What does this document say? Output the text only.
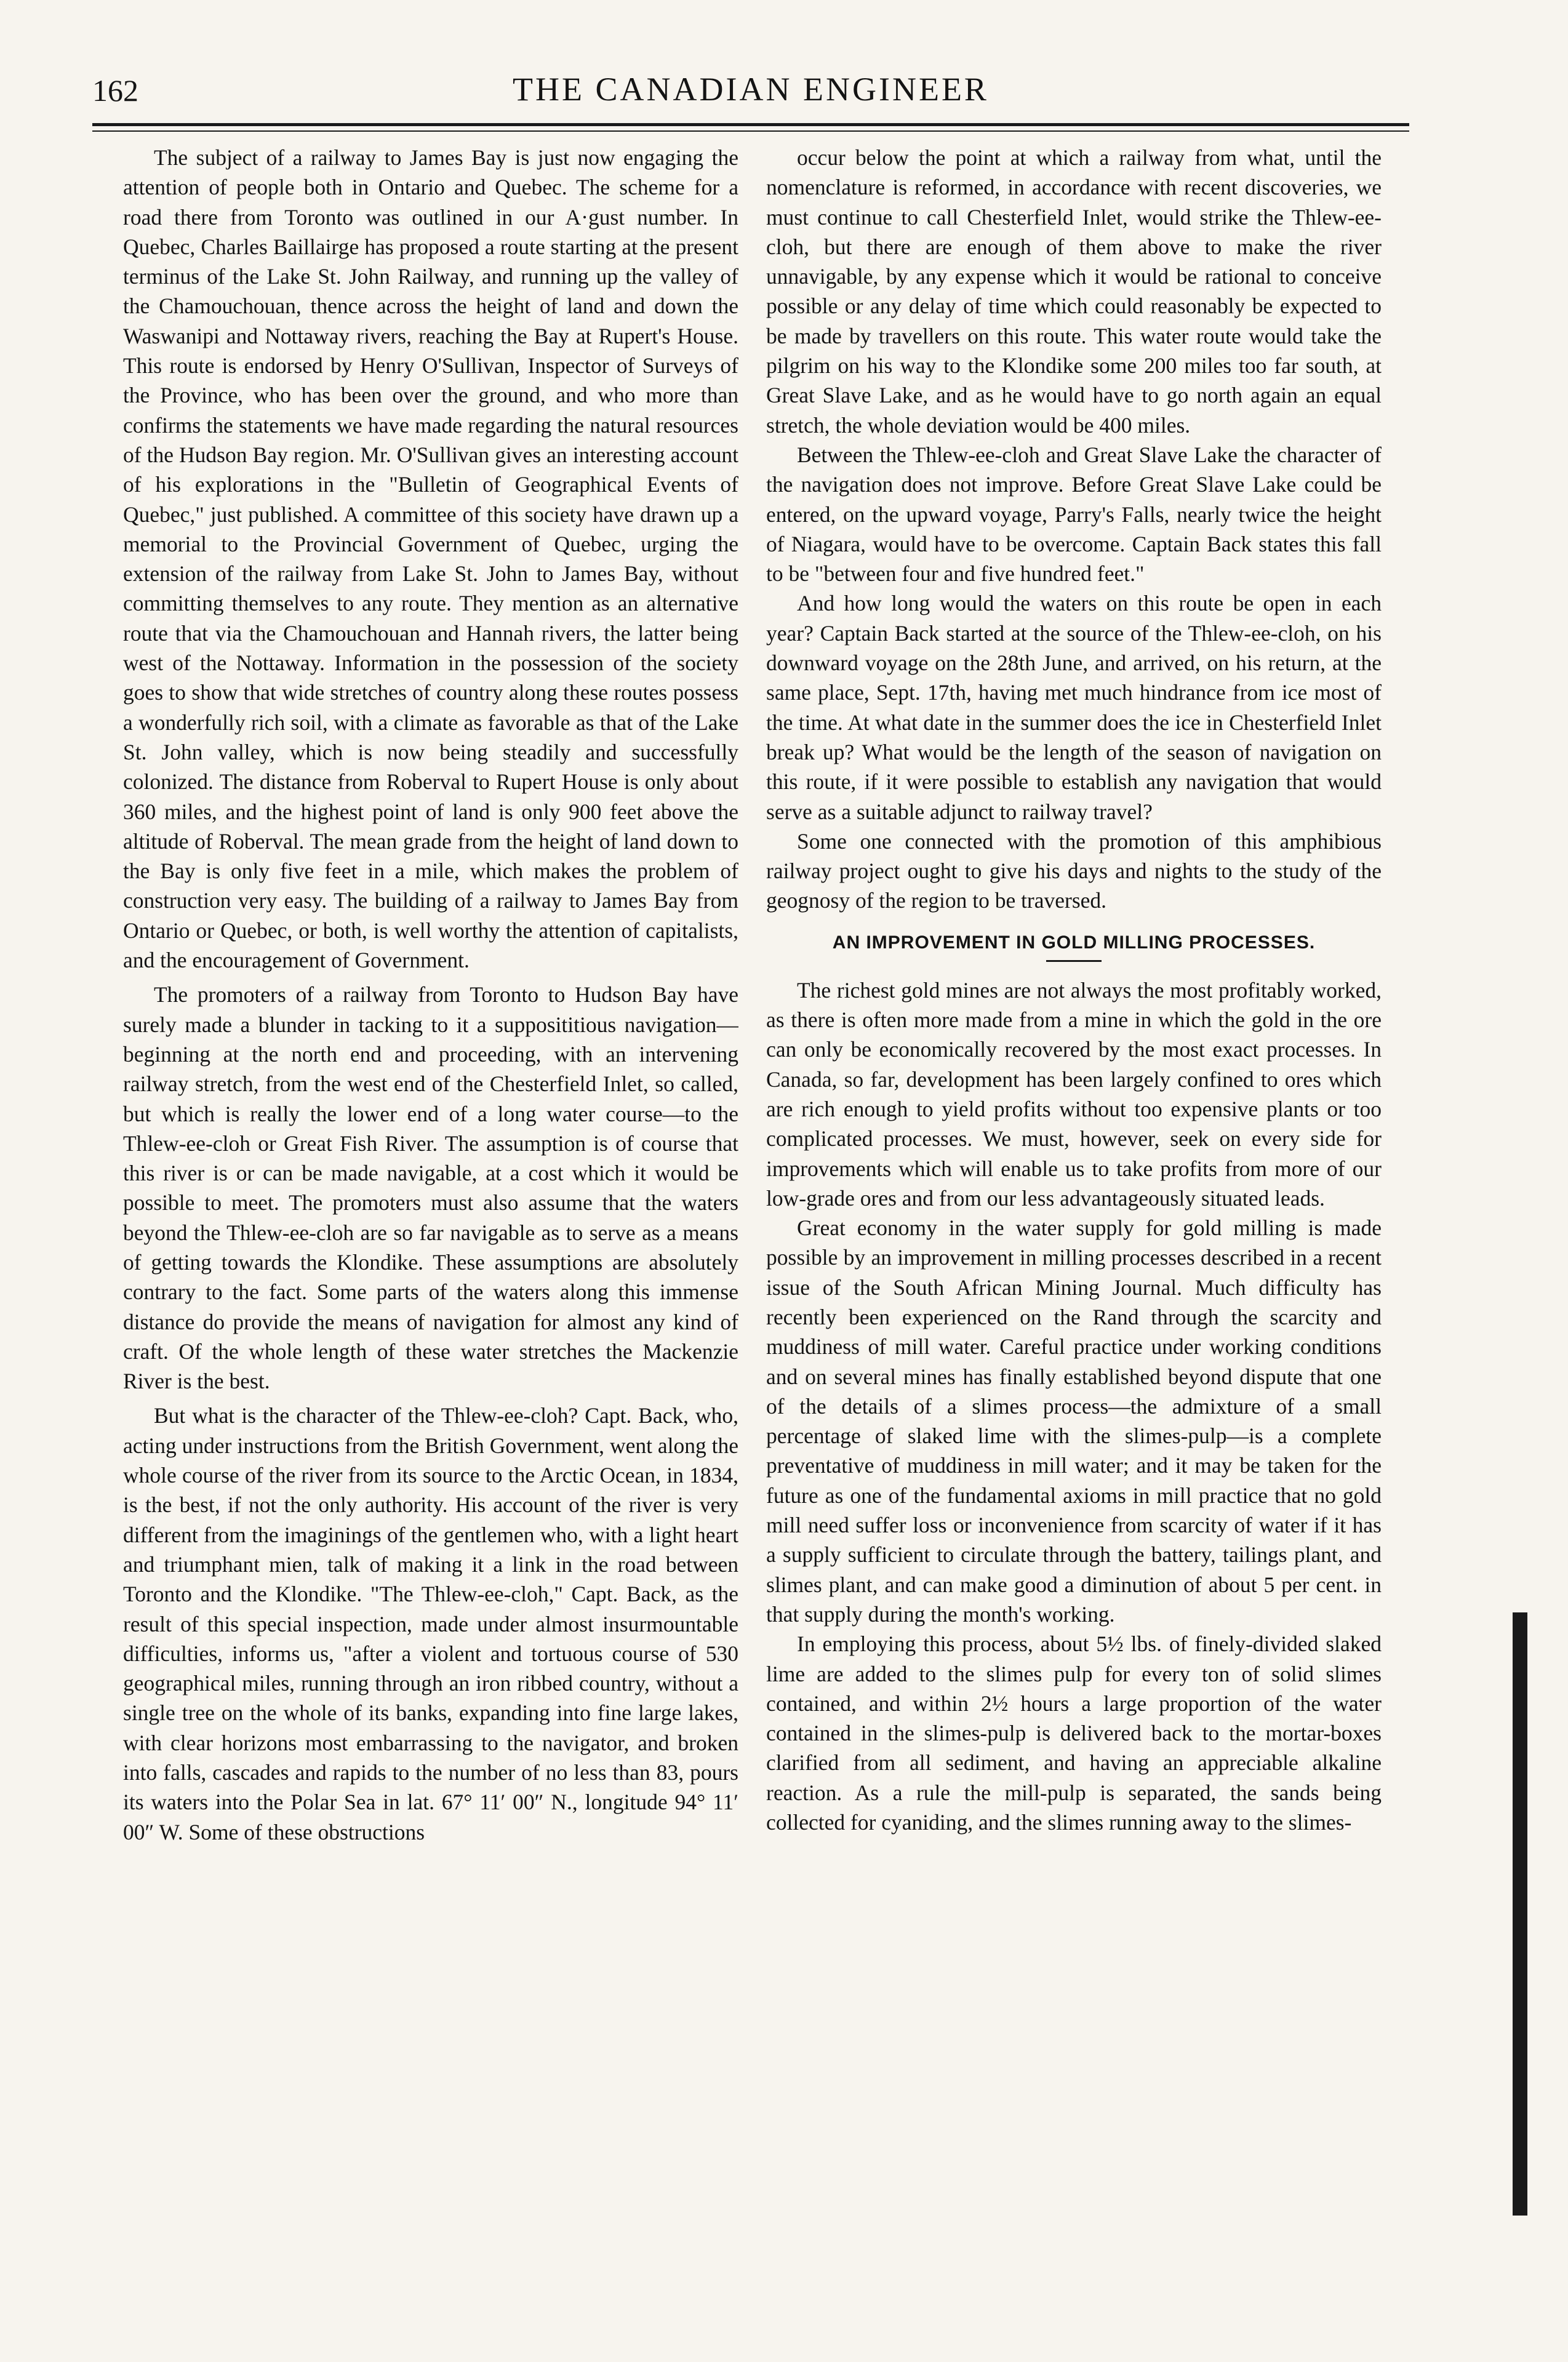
162	THE CANADIAN ENGINEER

The subject of a railway to James Bay is just now engaging the attention of people both in Ontario and Quebec. The scheme for a road there from Toronto was outlined in our A·gust number. In Quebec, Charles Baillairge has proposed a route starting at the present terminus of the Lake St. John Railway, and running up the valley of the Chamouchouan, thence across the height of land and down the Waswanipi and Nottaway rivers, reaching the Bay at Rupert's House. This route is endorsed by Henry O'Sullivan, Inspector of Surveys of the Province, who has been over the ground, and who more than confirms the statements we have made regarding the natural resources of the Hudson Bay region. Mr. O'Sullivan gives an interesting account of his explorations in the "Bulletin of Geographical Events of Quebec," just published. A committee of this society have drawn up a memorial to the Provincial Government of Quebec, urging the extension of the railway from Lake St. John to James Bay, without committing themselves to any route. They mention as an alternative route that via the Chamouchouan and Hannah rivers, the latter being west of the Nottaway. Information in the possession of the society goes to show that wide stretches of country along these routes possess a wonderfully rich soil, with a climate as favorable as that of the Lake St. John valley, which is now being steadily and successfully colonized. The distance from Roberval to Rupert House is only about 360 miles, and the highest point of land is only 900 feet above the altitude of Roberval. The mean grade from the height of land down to the Bay is only five feet in a mile, which makes the problem of construction very easy. The building of a railway to James Bay from Ontario or Quebec, or both, is well worthy the attention of capitalists, and the encouragement of Government.

The promoters of a railway from Toronto to Hudson Bay have surely made a blunder in tacking to it a supposititious navigation—beginning at the north end and proceeding, with an intervening railway stretch, from the west end of the Chesterfield Inlet, so called, but which is really the lower end of a long water course—to the Thlew-ee-cloh or Great Fish River. The assumption is of course that this river is or can be made navigable, at a cost which it would be possible to meet. The promoters must also assume that the waters beyond the Thlew-ee-cloh are so far navigable as to serve as a means of getting towards the Klondike. These assumptions are absolutely contrary to the fact. Some parts of the waters along this immense distance do provide the means of navigation for almost any kind of craft. Of the whole length of these water stretches the Mackenzie River is the best.

But what is the character of the Thlew-ee-cloh? Capt. Back, who, acting under instructions from the British Government, went along the whole course of the river from its source to the Arctic Ocean, in 1834, is the best, if not the only authority. His account of the river is very different from the imaginings of the gentlemen who, with a light heart and triumphant mien, talk of making it a link in the road between Toronto and the Klondike. "The Thlew-ee-cloh," Capt. Back, as the result of this special inspection, made under almost insurmountable difficulties, informs us, "after a violent and tortuous course of 530 geographical miles, running through an iron ribbed country, without a single tree on the whole of its banks, expanding into fine large lakes, with clear horizons most embarrassing to the navigator, and broken into falls, cascades and rapids to the number of no less than 83, pours its waters into the Polar Sea in lat. 67° 11′ 00″ N., longitude 94° 11′ 00″ W. Some of these obstructions

occur below the point at which a railway from what, until the nomenclature is reformed, in accordance with recent discoveries, we must continue to call Chesterfield Inlet, would strike the Thlew-ee-cloh, but there are enough of them above to make the river unnavigable, by any expense which it would be rational to conceive possible or any delay of time which could reasonably be expected to be made by travellers on this route. This water route would take the pilgrim on his way to the Klondike some 200 miles too far south, at Great Slave Lake, and as he would have to go north again an equal stretch, the whole deviation would be 400 miles.

Between the Thlew-ee-cloh and Great Slave Lake the character of the navigation does not improve. Before Great Slave Lake could be entered, on the upward voyage, Parry's Falls, nearly twice the height of Niagara, would have to be overcome. Captain Back states this fall to be "between four and five hundred feet."

And how long would the waters on this route be open in each year? Captain Back started at the source of the Thlew-ee-cloh, on his downward voyage on the 28th June, and arrived, on his return, at the same place, Sept. 17th, having met much hindrance from ice most of the time. At what date in the summer does the ice in Chesterfield Inlet break up? What would be the length of the season of navigation on this route, if it were possible to establish any navigation that would serve as a suitable adjunct to railway travel?

Some one connected with the promotion of this amphibious railway project ought to give his days and nights to the study of the geognosy of the region to be traversed.

AN IMPROVEMENT IN GOLD MILLING PROCESSES.

The richest gold mines are not always the most profitably worked, as there is often more made from a mine in which the gold in the ore can only be economically recovered by the most exact processes. In Canada, so far, development has been largely confined to ores which are rich enough to yield profits without too expensive plants or too complicated processes. We must, however, seek on every side for improvements which will enable us to take profits from more of our low-grade ores and from our less advantageously situated leads.

Great economy in the water supply for gold milling is made possible by an improvement in milling processes described in a recent issue of the South African Mining Journal. Much difficulty has recently been experienced on the Rand through the scarcity and muddiness of mill water. Careful practice under working conditions and on several mines has finally established beyond dispute that one of the details of a slimes process—the admixture of a small percentage of slaked lime with the slimes-pulp—is a complete preventative of muddiness in mill water; and it may be taken for the future as one of the fundamental axioms in mill practice that no gold mill need suffer loss or inconvenience from scarcity of water if it has a supply sufficient to circulate through the battery, tailings plant, and slimes plant, and can make good a diminution of about 5 per cent. in that supply during the month's working.

In employing this process, about 5½ lbs. of finely-divided slaked lime are added to the slimes pulp for every ton of solid slimes contained, and within 2½ hours a large proportion of the water contained in the slimes-pulp is delivered back to the mortar-boxes clarified from all sediment, and having an appreciable alkaline reaction. As a rule the mill-pulp is separated, the sands being collected for cyaniding, and the slimes running away to the slimes-
